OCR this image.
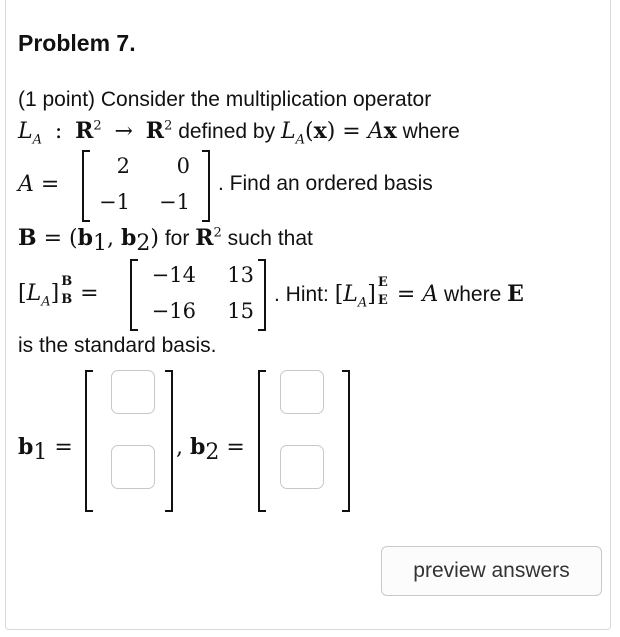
Problem 7.
(1 point) Consider the multiplication operator
$L_A$  :  $R^2 \to R^2$ defined by $L_A(x) = Ax$ where
A =
2	0
−1	−1
. Find an ordered basis
$B = (b_1$, $b_2$) for $R^2$ such that
$[L_A]$ B
B =
−14	13
−16	15
. Hint: $[L_A]$ E
E = A where E
is the standard basis.
$b_1$ =	, $b_2$ =
preview answers
